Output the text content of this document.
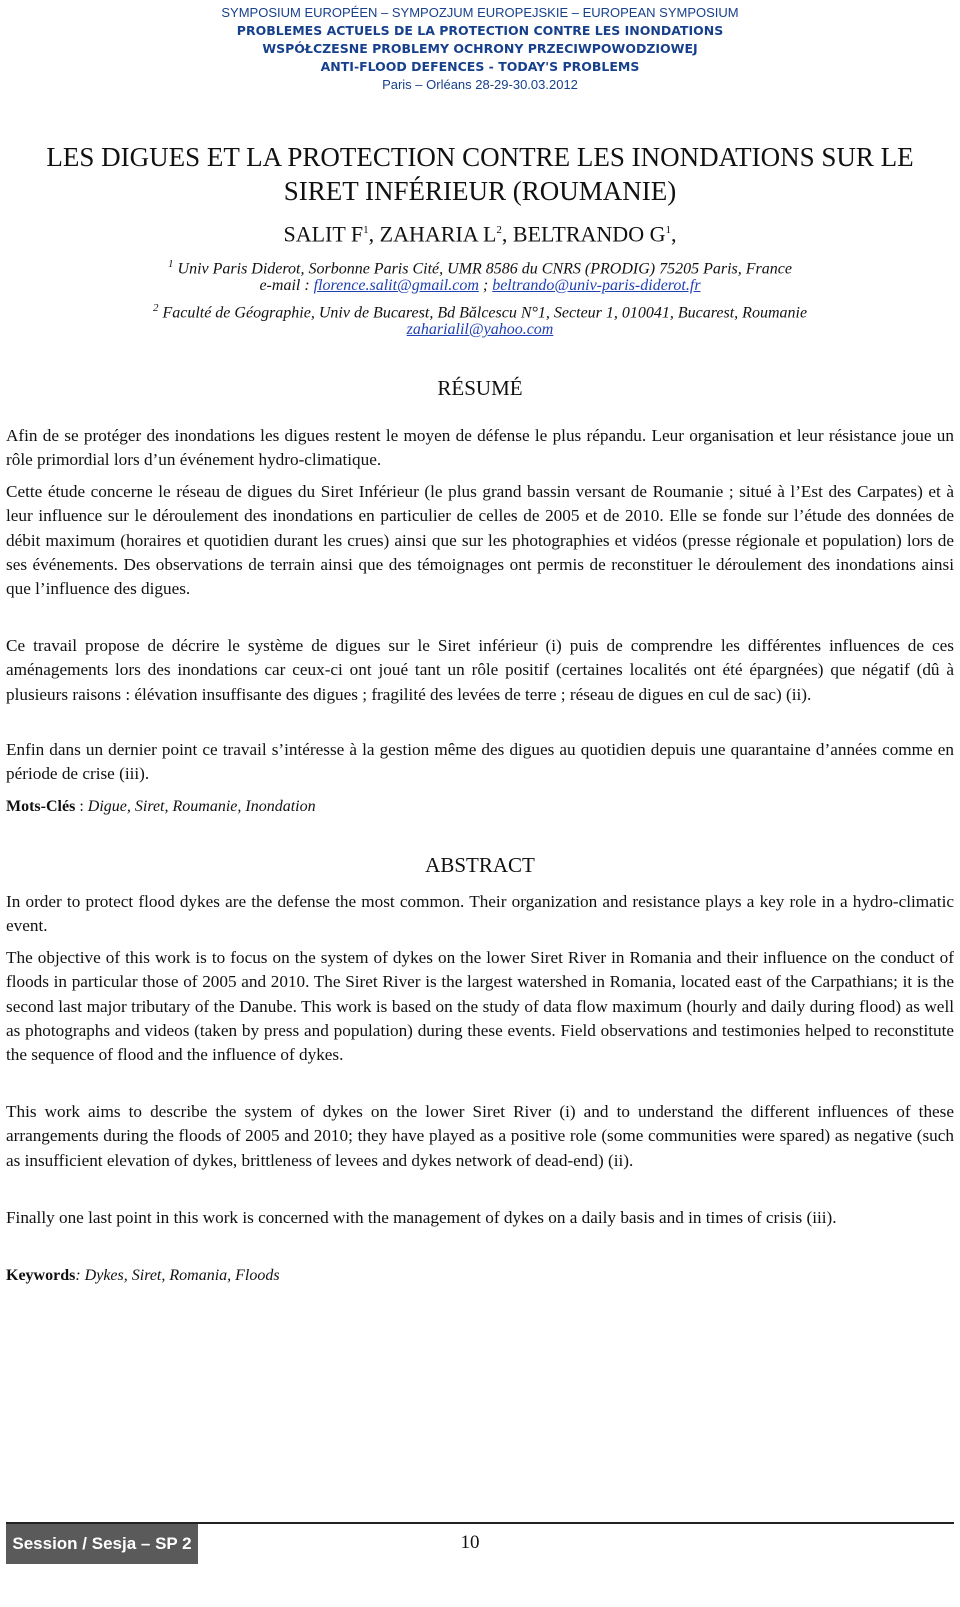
SYMPOSIUM EUROPÉEN – SYMPOZJUM EUROPEJSKIE – EUROPEAN SYMPOSIUM
PROBLEMES ACTUELS DE LA PROTECTION CONTRE LES INONDATIONS
WSPÓŁCZESNE PROBLEMY OCHRONY PRZECIWPOWODZIOWEJ
ANTI-FLOOD DEFENCES - TODAY'S PROBLEMS
Paris – Orléans 28-29-30.03.2012
LES DIGUES ET LA PROTECTION CONTRE LES INONDATIONS SUR LE
SIRET INFÉRIEUR (ROUMANIE)
SALIT $F^1$, ZAHARIA $L^2$, BELTRANDO $G^1$,
$^1$ Univ Paris Diderot, Sorbonne Paris Cité, UMR 8586 du CNRS (PRODIG) 75205 Paris, France
e-mail : florence.salit@gmail.com ; beltrando@univ-paris-diderot.fr
$^2$ Faculté de Géographie, Univ de Bucarest, Bd Bălcescu N°1, Secteur 1, 010041, Bucarest, Roumanie
zaharialil@yahoo.com
RÉSUMÉ

Afin de se protéger des inondations les digues restent le moyen de défense le plus répandu. Leur organisation et leur résistance joue un rôle primordial lors d’un événement hydro-climatique.

Cette étude concerne le réseau de digues du Siret Inférieur (le plus grand bassin versant de Roumanie ; situé à l’Est des Carpates) et à leur influence sur le déroulement des inondations en particulier de celles de 2005 et de 2010. Elle se fonde sur l’étude des données de débit maximum (horaires et quotidien durant les crues) ainsi que sur les photographies et vidéos (presse régionale et population) lors de ses événements. Des observations de terrain ainsi que des témoignages ont permis de reconstituer le déroulement des inondations ainsi que l’influence des digues.

Ce travail propose de décrire le système de digues sur le Siret inférieur (i) puis de comprendre les différentes influences de ces aménagements lors des inondations car ceux-ci ont joué tant un rôle positif (certaines localités ont été épargnées) que négatif (dû à plusieurs raisons : élévation insuffisante des digues ; fragilité des levées de terre ; réseau de digues en cul de sac) (ii).

Enfin dans un dernier point ce travail s’intéresse à la gestion même des digues au quotidien depuis une quarantaine d’années comme en période de crise (iii).

Mots-Clés : Digue, Siret, Roumanie, Inondation

ABSTRACT

In order to protect flood dykes are the defense the most common. Their organization and resistance plays a key role in a hydro-climatic event.

The objective of this work is to focus on the system of dykes on the lower Siret River in Romania and their influence on the conduct of floods in particular those of 2005 and 2010. The Siret River is the largest watershed in Romania, located east of the Carpathians; it is the second last major tributary of the Danube. This work is based on the study of data flow maximum (hourly and daily during flood) as well as photographs and videos (taken by press and population) during these events. Field observations and testimonies helped to reconstitute the sequence of flood and the influence of dykes.

This work aims to describe the system of dykes on the lower Siret River (i) and to understand the different influences of these arrangements during the floods of 2005 and 2010; they have played as a positive role (some communities were spared) as negative (such as insufficient elevation of dykes, brittleness of levees and dykes network of dead-end) (ii).

Finally one last point in this work is concerned with the management of dykes on a daily basis and in times of crisis (iii).

Keywords: Dykes, Siret, Romania, Floods

Session / Sesja – SP 2	10
